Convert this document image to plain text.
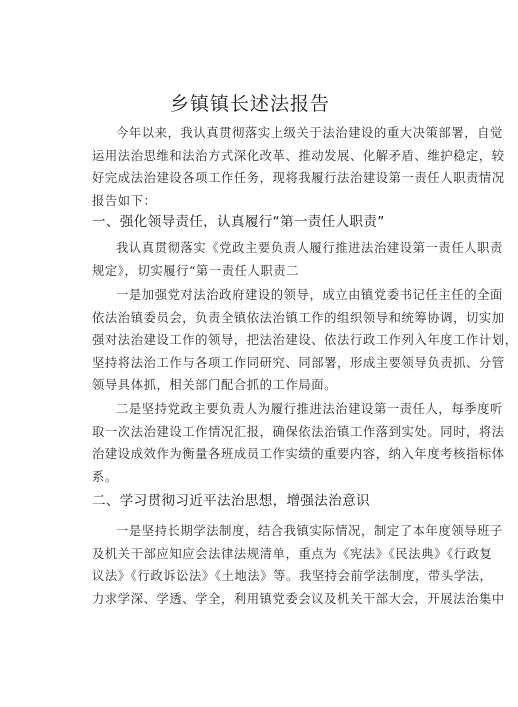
乡镇镇长述法报告
今年以来，我认真贯彻落实上级关于法治建设的重大决策部署，自觉
运用法治思维和法治方式深化改革、推动发展、化解矛盾、维护稳定，较
好完成法治建设各项工作任务，现将我履行法治建设第一责任人职责情况
报告如下：
一、强化领导责任，认真履行“第一责任人职责”
我认真贯彻落实《党政主要负责人履行推进法治建设第一责任人职责
规定》，切实履行“第一责任人职责二
一是加强党对法治政府建设的领导，成立由镇党委书记任主任的全面
依法治镇委员会，负责全镇依法治镇工作的组织领导和统筹协调，切实加
强对法治建设工作的领导，把法治建设、依法行政工作列入年度工作计划，
坚持将法治工作与各项工作同研究、同部署，形成主要领导负责抓、分管
领导具体抓，相关部门配合抓的工作局面。
二是坚持党政主要负责人为履行推进法治建设第一责任人，每季度听
取一次法治建设工作情况汇报，确保依法治镇工作落到实处。同时，将法
治建设成效作为衡量各班成员工作实绩的重要内容，纳入年度考核指标体
系。
二、学习贯彻习近平法治思想，增强法治意识
一是坚持长期学法制度，结合我镇实际情况，制定了本年度领导班子
及机关干部应知应会法律法规清单，重点为《宪法》《民法典》《行政复
议法》《行政诉讼法》《土地法》等。我坚持会前学法制度，带头学法，
力求学深、学透、学全，利用镇党委会议及机关干部大会，开展法治集中
